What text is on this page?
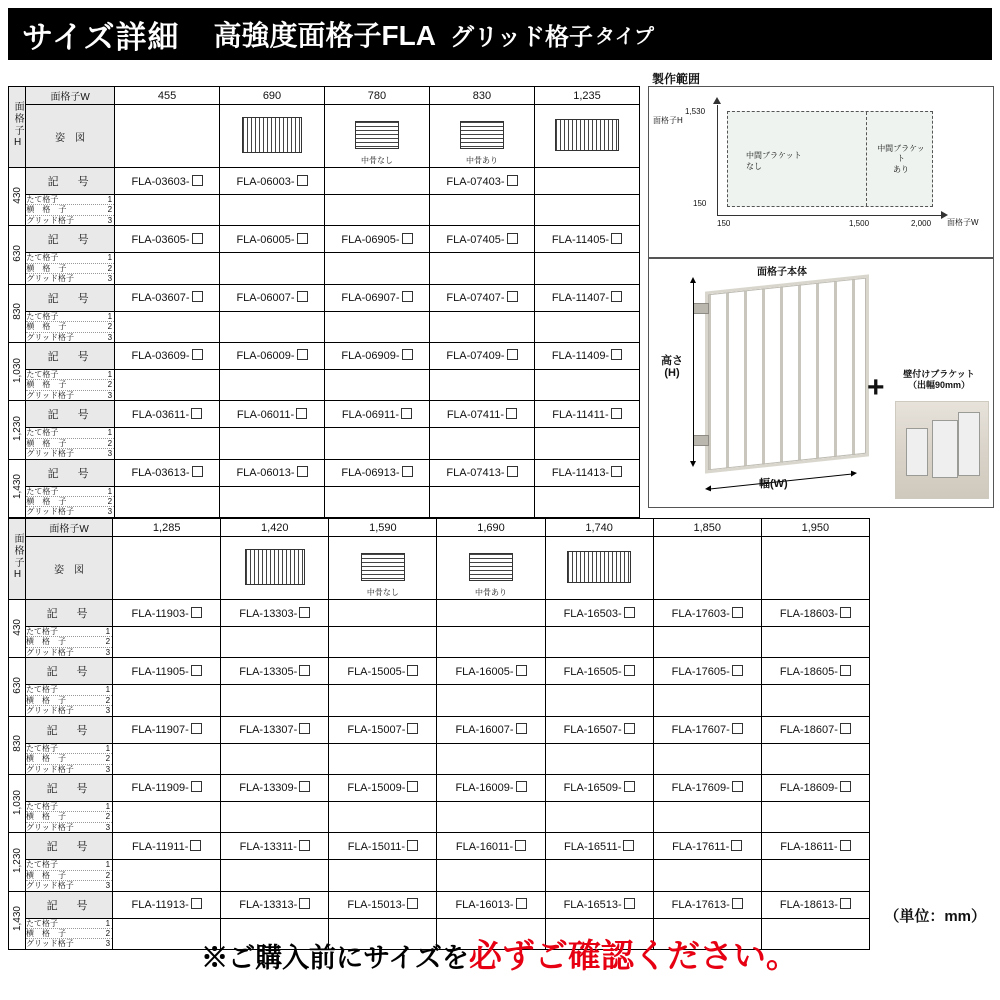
サイズ詳細 高強度面格子FLA グリッド格子 タイプ
面格子H	面格子W	455	690	780	830	1,235
	姿　図			中骨なし	中骨あり	

430	記　号	FLA-03603-	FLA-06003-		FLA-07403-	

たて格子	1
横　格　子	2
グリッド格子	3

630	記　号	FLA-03605-	FLA-06005-	FLA-06905-	FLA-07405-	FLA-11405-

たて格子	1
横　格　子	2
グリッド格子	3

830	記　号	FLA-03607-	FLA-06007-	FLA-06907-	FLA-07407-	FLA-11407-

たて格子	1
横　格　子	2
グリッド格子	3

1,030	記　号	FLA-03609-	FLA-06009-	FLA-06909-	FLA-07409-	FLA-11409-

たて格子	1
横　格　子	2
グリッド格子	3

1,230	記　号	FLA-03611-	FLA-06011-	FLA-06911-	FLA-07411-	FLA-11411-

たて格子	1
横　格　子	2
グリッド格子	3

1,430	記　号	FLA-03613-	FLA-06013-	FLA-06913-	FLA-07413-	FLA-11413-

たて格子	1
横　格　子	2
グリッド格子	3

面格子H	面格子W	1,285	1,420	1,590	1,690	1,740	1,850	1,950
	姿　図			中骨なし	中骨あり			

430	記　号	FLA-11903-	FLA-13303-			FLA-16503-	FLA-17603-	FLA-18603-

たて格子	1
横　格　子	2
グリッド格子	3

630	記　号	FLA-11905-	FLA-13305-	FLA-15005-	FLA-16005-	FLA-16505-	FLA-17605-	FLA-18605-

たて格子	1
横　格　子	2
グリッド格子	3

830	記　号	FLA-11907-	FLA-13307-	FLA-15007-	FLA-16007-	FLA-16507-	FLA-17607-	FLA-18607-

たて格子	1
横　格　子	2
グリッド格子	3

1,030	記　号	FLA-11909-	FLA-13309-	FLA-15009-	FLA-16009-	FLA-16509-	FLA-17609-	FLA-18609-

たて格子	1
横　格　子	2
グリッド格子	3

1,230	記　号	FLA-11911-	FLA-13311-	FLA-15011-	FLA-16011-	FLA-16511-	FLA-17611-	FLA-18611-

たて格子	1
横　格　子	2
グリッド格子	3

1,430	記　号	FLA-11913-	FLA-13313-	FLA-15013-	FLA-16013-	FLA-16513-	FLA-17613-	FLA-18613-

たて格子	1
横　格　子	2
グリッド格子	3

製作範囲
面格子H
1,530
150
150	1,500	2,000 面格子W
中間ブラケット
なし
中間ブラケット
あり
面格子本体
高さ
(H)
幅(W)
+	壁付けブラケット
（出幅90mm）
（単位：mm）
※ご購入前にサイズを必ずご確認ください。
